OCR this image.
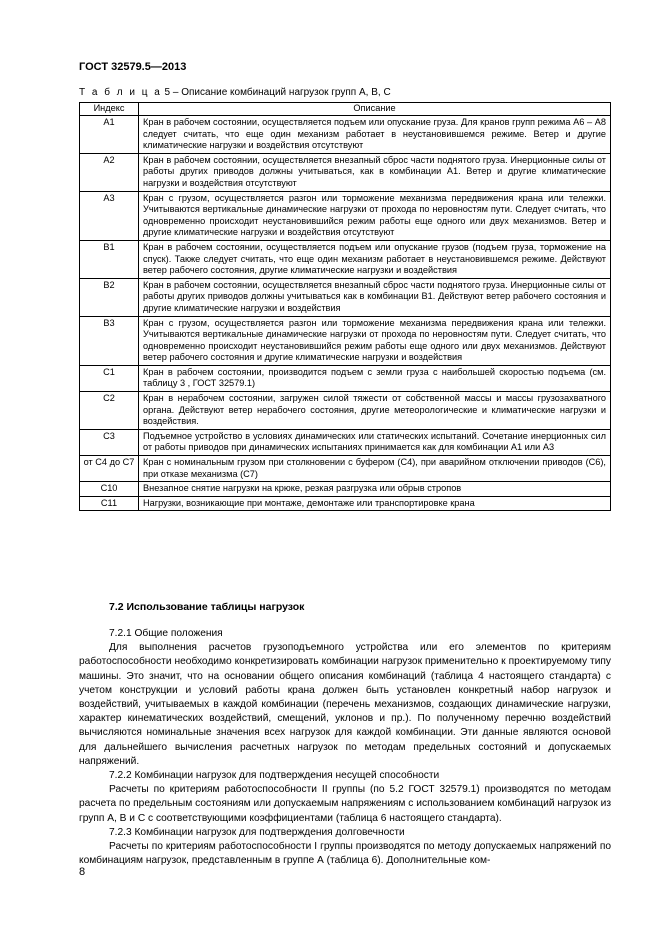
ГОСТ 32579.5—2013
Т а б л и ц а 5 – Описание комбинаций нагрузок групп А, В, С
Индекс	Описание
А1	Кран в рабочем состоянии, осуществляется подъем или опускание груза. Для кранов групп режима А6 – А8 следует считать, что еще один механизм работает в неустановившемся режиме. Ветер и другие климатические нагрузки и воздействия отсутствуют
А2	Кран в рабочем состоянии, осуществляется внезапный сброс части поднятого груза. Инерционные силы от работы других приводов должны учитываться, как в комбинации А1. Ветер и другие климатические нагрузки и воздействия отсутствуют
А3	Кран с грузом, осуществляется разгон или торможение механизма передвижения крана или тележки. Учитываются вертикальные динамические нагрузки от прохода по неровностям пути. Следует считать, что одновременно происходит неустановившийся режим работы еще одного или двух механизмов. Ветер и другие климатические нагрузки и воздействия отсутствуют
В1	Кран в рабочем состоянии, осуществляется подъем или опускание грузов (подъем груза, торможение на спуск). Также следует считать, что еще один механизм работает в неустановившемся режиме. Действуют ветер рабочего состояния, другие климатические нагрузки и воздействия
В2	Кран в рабочем состоянии, осуществляется внезапный сброс части поднятого груза. Инерционные силы от работы других приводов должны учитываться как в комбинации В1. Действуют ветер рабочего состояния и другие климатические нагрузки и воздействия
В3	Кран с грузом, осуществляется разгон или торможение механизма передвижения крана или тележки. Учитываются вертикальные динамические нагрузки от прохода по неровностям пути. Следует считать, что одновременно происходит неустановившийся режим работы еще одного или двух механизмов. Действуют ветер рабочего состояния и другие климатические нагрузки и воздействия
С1	Кран в рабочем состоянии, производится подъем с земли груза с наибольшей скоростью подъема (см. таблицу 3 , ГОСТ 32579.1)
С2	Кран в нерабочем состоянии, загружен силой тяжести от собственной массы и массы грузозахватного органа. Действуют ветер нерабочего состояния, другие метеорологические и климатические нагрузки и воздействия.
С3	Подъемное устройство в условиях динамических или статических испытаний. Сочетание инерционных сил от работы приводов при динамических испытаниях принимается как для комбинации А1 или А3
от С4 до С7	Кран с номинальным грузом при столкновении с буфером (С4), при аварийном отключении приводов (С6), при отказе механизма (С7)
С10	Внезапное снятие нагрузки на крюке, резкая разгрузка или обрыв стропов
С11	Нагрузки, возникающие при монтаже, демонтаже или транспортировке крана
7.2 Использование таблицы нагрузок

7.2.1 Общие положения

Для выполнения расчетов грузоподъемного устройства или его элементов по критериям работоспособности необходимо конкретизировать комбинации нагрузок применительно к проектируемому типу машины. Это значит, что на основании общего описания комбинаций (таблица 4 настоящего стандарта) с учетом конструкции и условий работы крана должен быть установлен конкретный набор нагрузок и воздействий, учитываемых в каждой комбинации (перечень механизмов, создающих динамические нагрузки, характер кинематических воздействий, смещений, уклонов и пр.). По полученному перечню воздействий вычисляются номинальные значения всех нагрузок для каждой комбинации. Эти данные являются основой для дальнейшего вычисления расчетных нагрузок по методам предельных состояний и допускаемых напряжений.

7.2.2 Комбинации нагрузок для подтверждения несущей способности

Расчеты по критериям работоспособности II группы (по 5.2 ГОСТ 32579.1) производятся по методам расчета по предельным состояниям или допускаемым напряжениям с использованием комбинаций нагрузок из групп А, В и С с соответствующими коэффициентами (таблица 6 настоящего стандарта).

7.2.3 Комбинации нагрузок для подтверждения долговечности

Расчеты по критериям работоспособности I группы производятся по методу допускаемых напряжений по комбинациям нагрузок, представленным в группе А (таблица 6). Дополнительные ком-

8
